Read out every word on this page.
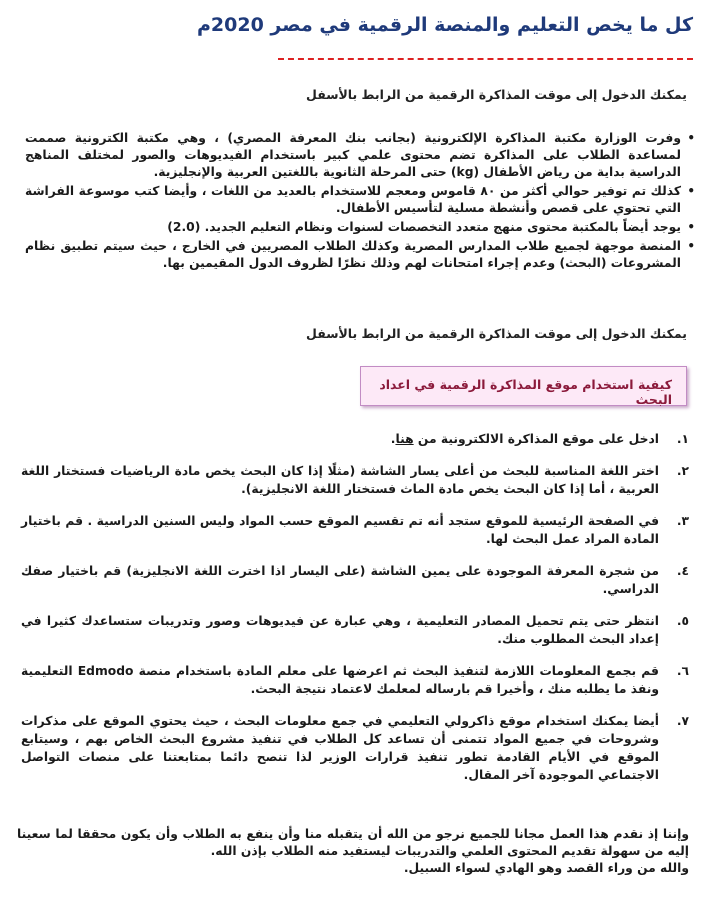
كل ما يخص التعليم والمنصة الرقمية في مصر 2020م
يمكنك الدخول إلى موقت المذاكرة الرقمية من الرابط بالأسفل
•
وفرت الوزارة مكتبة المذاكرة الإلكترونية (بجانب بنك المعرفة المصري) ، وهي مكتبة الكترونية صممت لمساعدة الطلاب على المذاكرة تضم محتوى علمي كبير باستخدام الفيديوهات والصور لمختلف المناهج الدراسية بداية من رياض الأطفال (kg) حتى المرحلة الثانوية باللغتين العربية والإنجليزية.
•
كذلك تم توفير حوالي أكثر من ٨٠ قاموس ومعجم للاستخدام بالعديد من اللغات ، وأيضا كتب موسوعة الفراشة التي تحتوي على قصص وأنشطة مسلية لتأسيس الأطفال.
•
يوجد أيضاً بالمكتبة محتوى منهج متعدد التخصصات لسنوات ونظام التعليم الجديد. (2.0)
•
المنصة موجهة لجميع طلاب المدارس المصرية وكذلك الطلاب المصريين في الخارج ، حيث سيتم تطبيق نظام المشروعات (البحث) وعدم إجراء امتحانات لهم وذلك نظرًا لظروف الدول المقيمين بها.
يمكنك الدخول إلى موقت المذاكرة الرقمية من الرابط بالأسفل
كيفية استخدام موقع المذاكرة الرقمية في اعداد البحث
١.
ادخل على موقع المذاكرة الالكترونية من هنا.
٢.
اختر اللغة المناسبة للبحث من أعلى يسار الشاشة (مثلًا إذا كان البحث يخص مادة الرياضيات فستختار اللغة العربية ، أما إذا كان البحث يخص مادة الماث فستختار اللغة الانجليزية).
٣.
في الصفحة الرئيسية للموقع ستجد أنه تم تقسيم الموقع حسب المواد وليس السنين الدراسية . قم باختيار المادة المراد عمل البحث لها.
٤.
من شجرة المعرفة الموجودة على يمين الشاشة (على اليسار اذا اخترت اللغة الانجليزية) قم باختيار صفك الدراسي.
٥.
انتظر حتى يتم تحميل المصادر التعليمية ، وهي عبارة عن فيديوهات وصور وتدريبات ستساعدك كثيرا في إعداد البحث المطلوب منك.
٦.
قم بجمع المعلومات اللازمة لتنفيذ البحث ثم اعرضها على معلم المادة باستخدام منصة Edmodo التعليمية ونفذ ما يطلبه منك ، وأخيرا قم بارساله لمعلمك لاعتماد نتيجة البحث.
٧.
أيضا يمكنك استخدام موقع ذاكرولي التعليمي في جمع معلومات البحث ، حيث يحتوي الموقع على مذكرات وشروحات في جميع المواد تتمنى أن تساعد كل الطلاب في تنفيذ مشروع البحث الخاص بهم ، وسيتابع الموقع في الأيام القادمة تطور تنفيذ قرارات الوزير لذا تنصح دائما بمتابعتنا على منصات التواصل الاجتماعي الموجودة آخر المقال.
وإننا إذ نقدم هذا العمل مجانا للجميع نرجو من الله أن يتقبله منا وأن ينفع به الطلاب وأن يكون محققا لما سعينا إليه من سهولة تقديم المحتوى العلمي والتدريبات ليستفيد منه الطلاب بإذن الله.
والله من وراء القصد وهو الهادي لسواء السبيل.
